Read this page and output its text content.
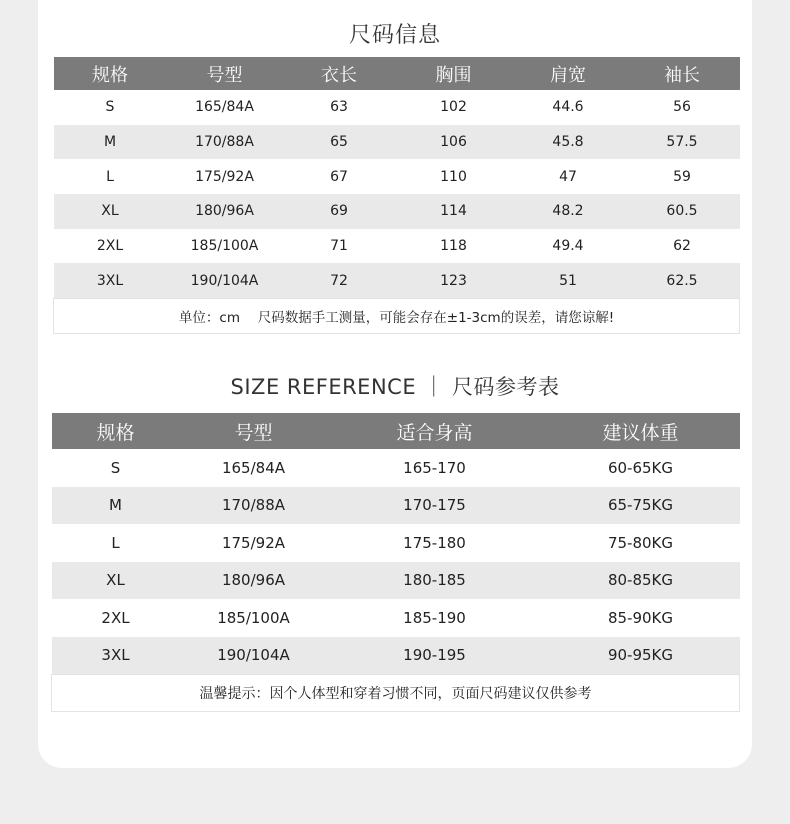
尺码信息
规格	号型	衣长	胸围	肩宽	袖长
S	165/84A	63	102	44.6	56
M	170/88A	65	106	45.8	57.5
L	175/92A	67	110	47	59
XL	180/96A	69	114	48.2	60.5
2XL	185/100A	71	118	49.4	62
3XL	190/104A	72	123	51	62.5
单位：cm　 尺码数据手工测量，可能会存在±1-3cm的误差，请您谅解!					
SIZE REFERENCE ｜ 尺码参考表
规格	号型	适合身高	建议体重
S	165/84A	165-170	60-65KG
M	170/88A	170-175	65-75KG
L	175/92A	175-180	75-80KG
XL	180/96A	180-185	80-85KG
2XL	185/100A	185-190	85-90KG
3XL	190/104A	190-195	90-95KG
温馨提示：因个人体型和穿着习惯不同，页面尺码建议仅供参考			
